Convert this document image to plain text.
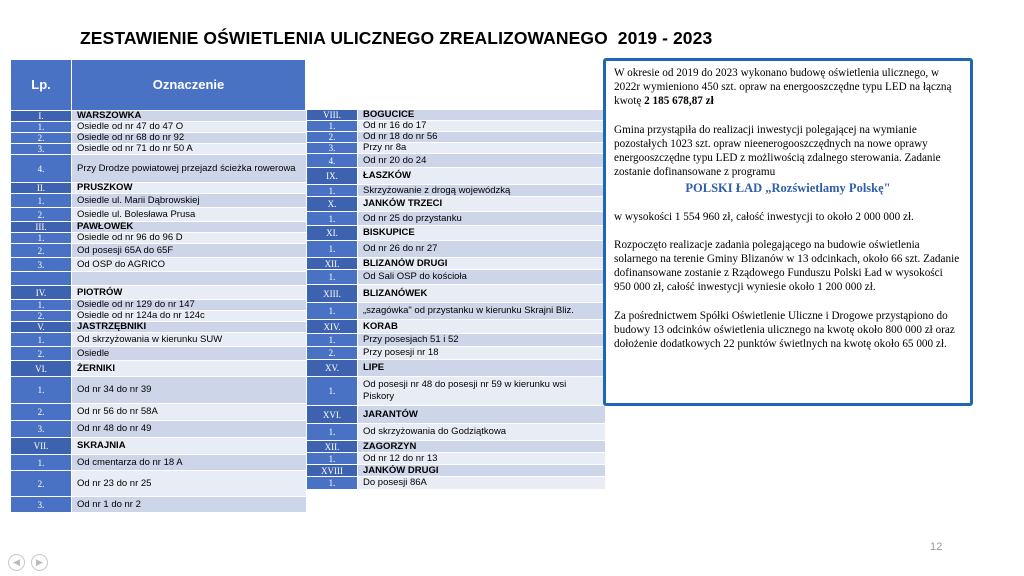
ZESTAWIENIE OŚWIETLENIA ULICZNEGO ZREALIZOWANEGO  2019 - 2023
Lp.	Oznaczenie
I.	WARSZÓWKA
1.	Osiedle od nr 47 do 47 O
2.	Osiedle od nr 68 do nr 92
3.	Osiedle od nr 71 do nr 50 A
4.	Przy Drodze powiatowej przejazd ścieżka rowerowa
II.	PRUSZKÓW
1.	Osiedle ul. Marii Dąbrowskiej
2.	Osiedle ul. Bolesława Prusa
III.	PAWŁÓWEK
1.	Osiedle od nr 96 do 96 D
2.	Od posesji 65A do 65F
3.	Od OSP do AGRICO

IV.	PIOTRÓW
1.	Osiedle od nr 129 do nr 147
2.	Osiedle od nr 124a do nr 124c
V.	JASTRZĘBNIKI
1.	Od skrzyżowania w kierunku SUW
2.	Osiedle
VI.	ŻERNIKI
1.	Od nr 34 do nr 39
2.	Od nr 56 do nr 58A
3.	Od nr 48 do nr 49
VII.	SKRAJNIA
1.	Od cmentarza do nr 18 A
2.	Od nr 23 do nr 25
3.	Od nr 1 do nr 2
VIII.	BOGUCICE
1.	Od nr 16 do 17
2.	Od nr 18 do nr 56
3.	Przy nr 8a
4.	Od nr 20 do 24
IX.	ŁASZKÓW
1.	Skrzyżowanie z drogą wojewódzką
X.	JANKÓW TRZECI
1.	Od nr 25 do przystanku
XI.	BISKUPICE
1.	Od nr 26 do nr 27
XII.	BLIZANÓW DRUGI
1.	Od Sali OSP do kościoła
XIII.	BLIZANÓWEK
1.	„szagówka" od przystanku w kierunku Skrajni Bliz.
XIV.	KORAB
1.	Przy posesjach 51 i 52
2.	Przy posesji nr 18
XV.	LIPE
1.	Od posesji nr 48 do posesji nr 59 w kierunku wsi Piskory
XVI.	JARANTÓW
1.	Od skrzyżowania do Godziątkowa
XII.	ZAGORZYN
1.	Od nr 12 do nr 13
XVIII	JANKÓW DRUGI
1.	Do posesji 86A

W okresie od 2019 do 2023 wykonano budowę oświetlenia ulicznego, w 2022r wymieniono 450 szt. opraw na energooszczędne typu LED na łączną kwotę 2 185 678,87 zł

Gmina przystąpiła do realizacji inwestycji polegającej na wymianie pozostałych 1023 szt. opraw nieenerogooszczędnych na nowe oprawy energooszczędne typu LED z możliwością zdalnego sterowania. Zadanie zostanie dofinansowane z programu

POLSKI ŁAD „Rozświetlamy Polskę"

w wysokości 1 554 960 zł, całość inwestycji to około 2 000 000 zł.

Rozpoczęto realizacje zadania polegającego na budowie oświetlenia solarnego na terenie Gminy Blizanów w 13 odcinkach, około 66 szt. Zadanie dofinansowane zostanie z Rządowego Funduszu Polski Ład w wysokości 950 000 zł, całość inwestycji wyniesie około 1 200 000 zł.

Za pośrednictwem Spółki Oświetlenie Uliczne i Drogowe przystąpiono do budowy 13 odcinków oświetlenia ulicznego na kwotę około 800 000 zł oraz dołożenie dodatkowych 22 punktów świetlnych na kwotę około 65 000 zł.

12
◀	▶
